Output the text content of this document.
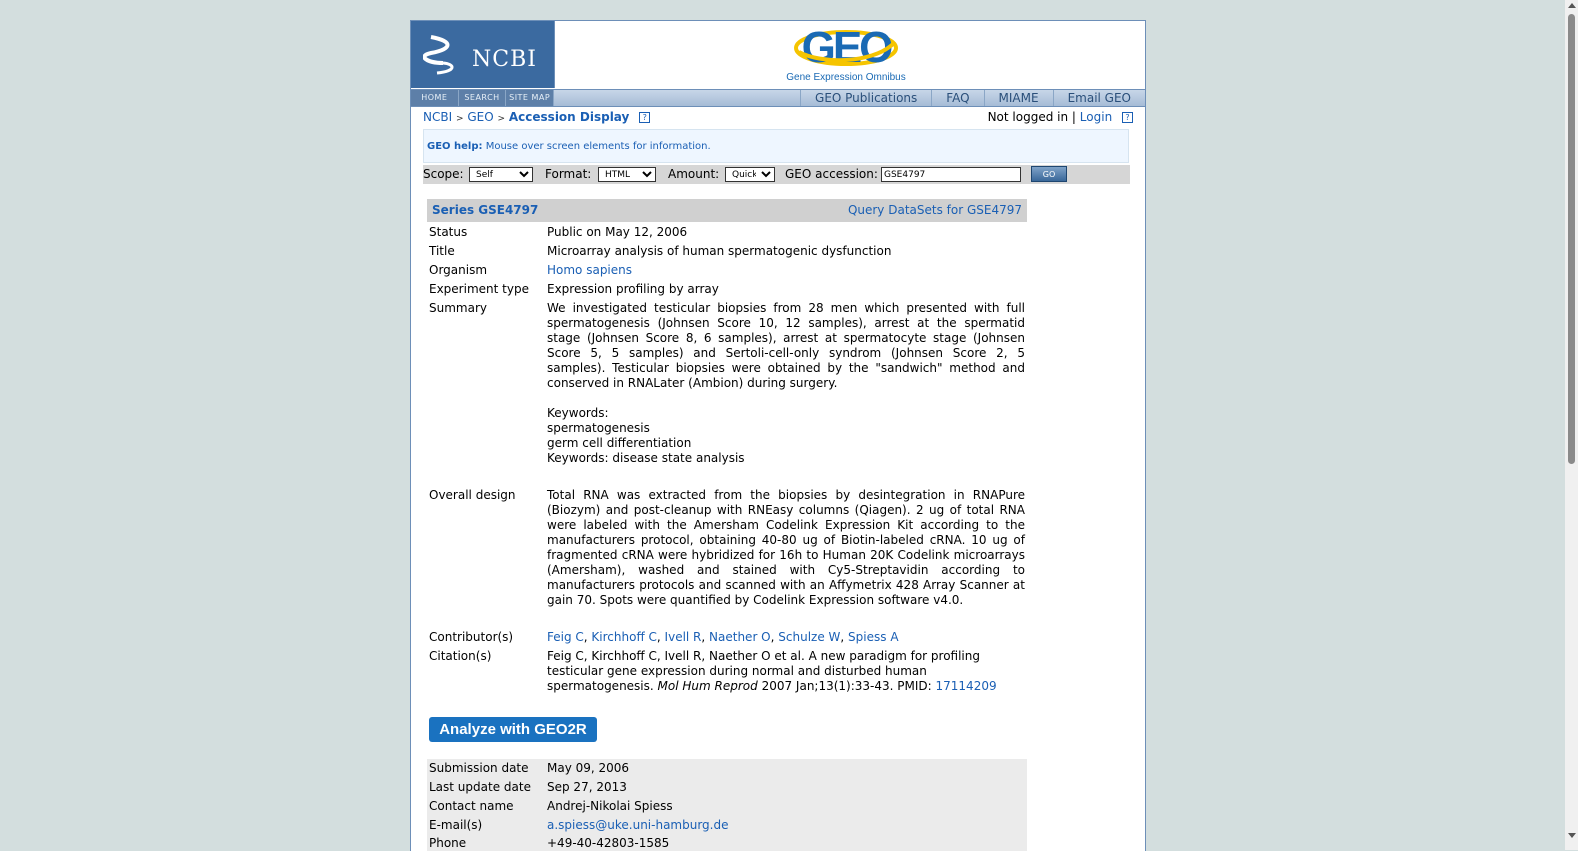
NCBI	GEO
Gene Expression Omnibus
HOME	SEARCH	SITE MAP	GEO Publications	FAQ	MIAME	Email GEO
NCBI > GEO > Accession Display ?	Not logged in | Login ?
GEO help: Mouse over screen elements for information.
Scope:
Self	Format:
HTML	Amount:
Quick	GEO accession:
GSE4797	GO
Series GSE4797	Query DataSets for GSE4797
Status	Public on May 12, 2006
Title	Microarray analysis of human spermatogenic dysfunction
Organism	Homo sapiens
Experiment type	Expression profiling by array
Summary	We investigated testicular biopsies from 28 men which presented with full spermatogenesis (Johnsen Score 10, 12 samples), arrest at the spermatid stage (Johnsen Score 8, 6 samples), arrest at spermatocyte stage (Johnsen Score 5, 5 samples) and Sertoli-cell-only syndrom (Johnsen Score 2, 5 samples). Testicular biopsies were obtained by the "sandwich" method and conserved in RNALater (Ambion) during surgery.
Keywords:
spermatogenesis
germ cell differentiation
Keywords: disease state analysis
Overall design	Total RNA was extracted from the biopsies by desintegration in RNAPure (Biozym) and post-cleanup with RNEasy columns (Qiagen). 2 ug of total RNA were labeled with the Amersham Codelink Expression Kit according to the manufacturers protocol, obtaining 40-80 ug of Biotin-labeled cRNA. 10 ug of fragmented cRNA were hybridized for 16h to Human 20K Codelink microarrays (Amersham), washed and stained with Cy5-Streptavidin according to manufacturers protocols and scanned with an Affymetrix 428 Array Scanner at gain 70. Spots were quantified by Codelink Expression software v4.0.
Contributor(s)	Feig C, Kirchhoff C, Ivell R, Naether O, Schulze W, Spiess A
Citation(s)	Feig C, Kirchhoff C, Ivell R, Naether O et al. A new paradigm for profiling testicular gene expression during normal and disturbed human spermatogenesis. Mol Hum Reprod 2007 Jan;13(1):33-43. PMID: 17114209
Analyze with GEO2R
Submission date	May 09, 2006
Last update date	Sep 27, 2013
Contact name	Andrej-Nikolai Spiess
E-mail(s)	a.spiess@uke.uni-hamburg.de
Phone	+49-40-42803-1585
